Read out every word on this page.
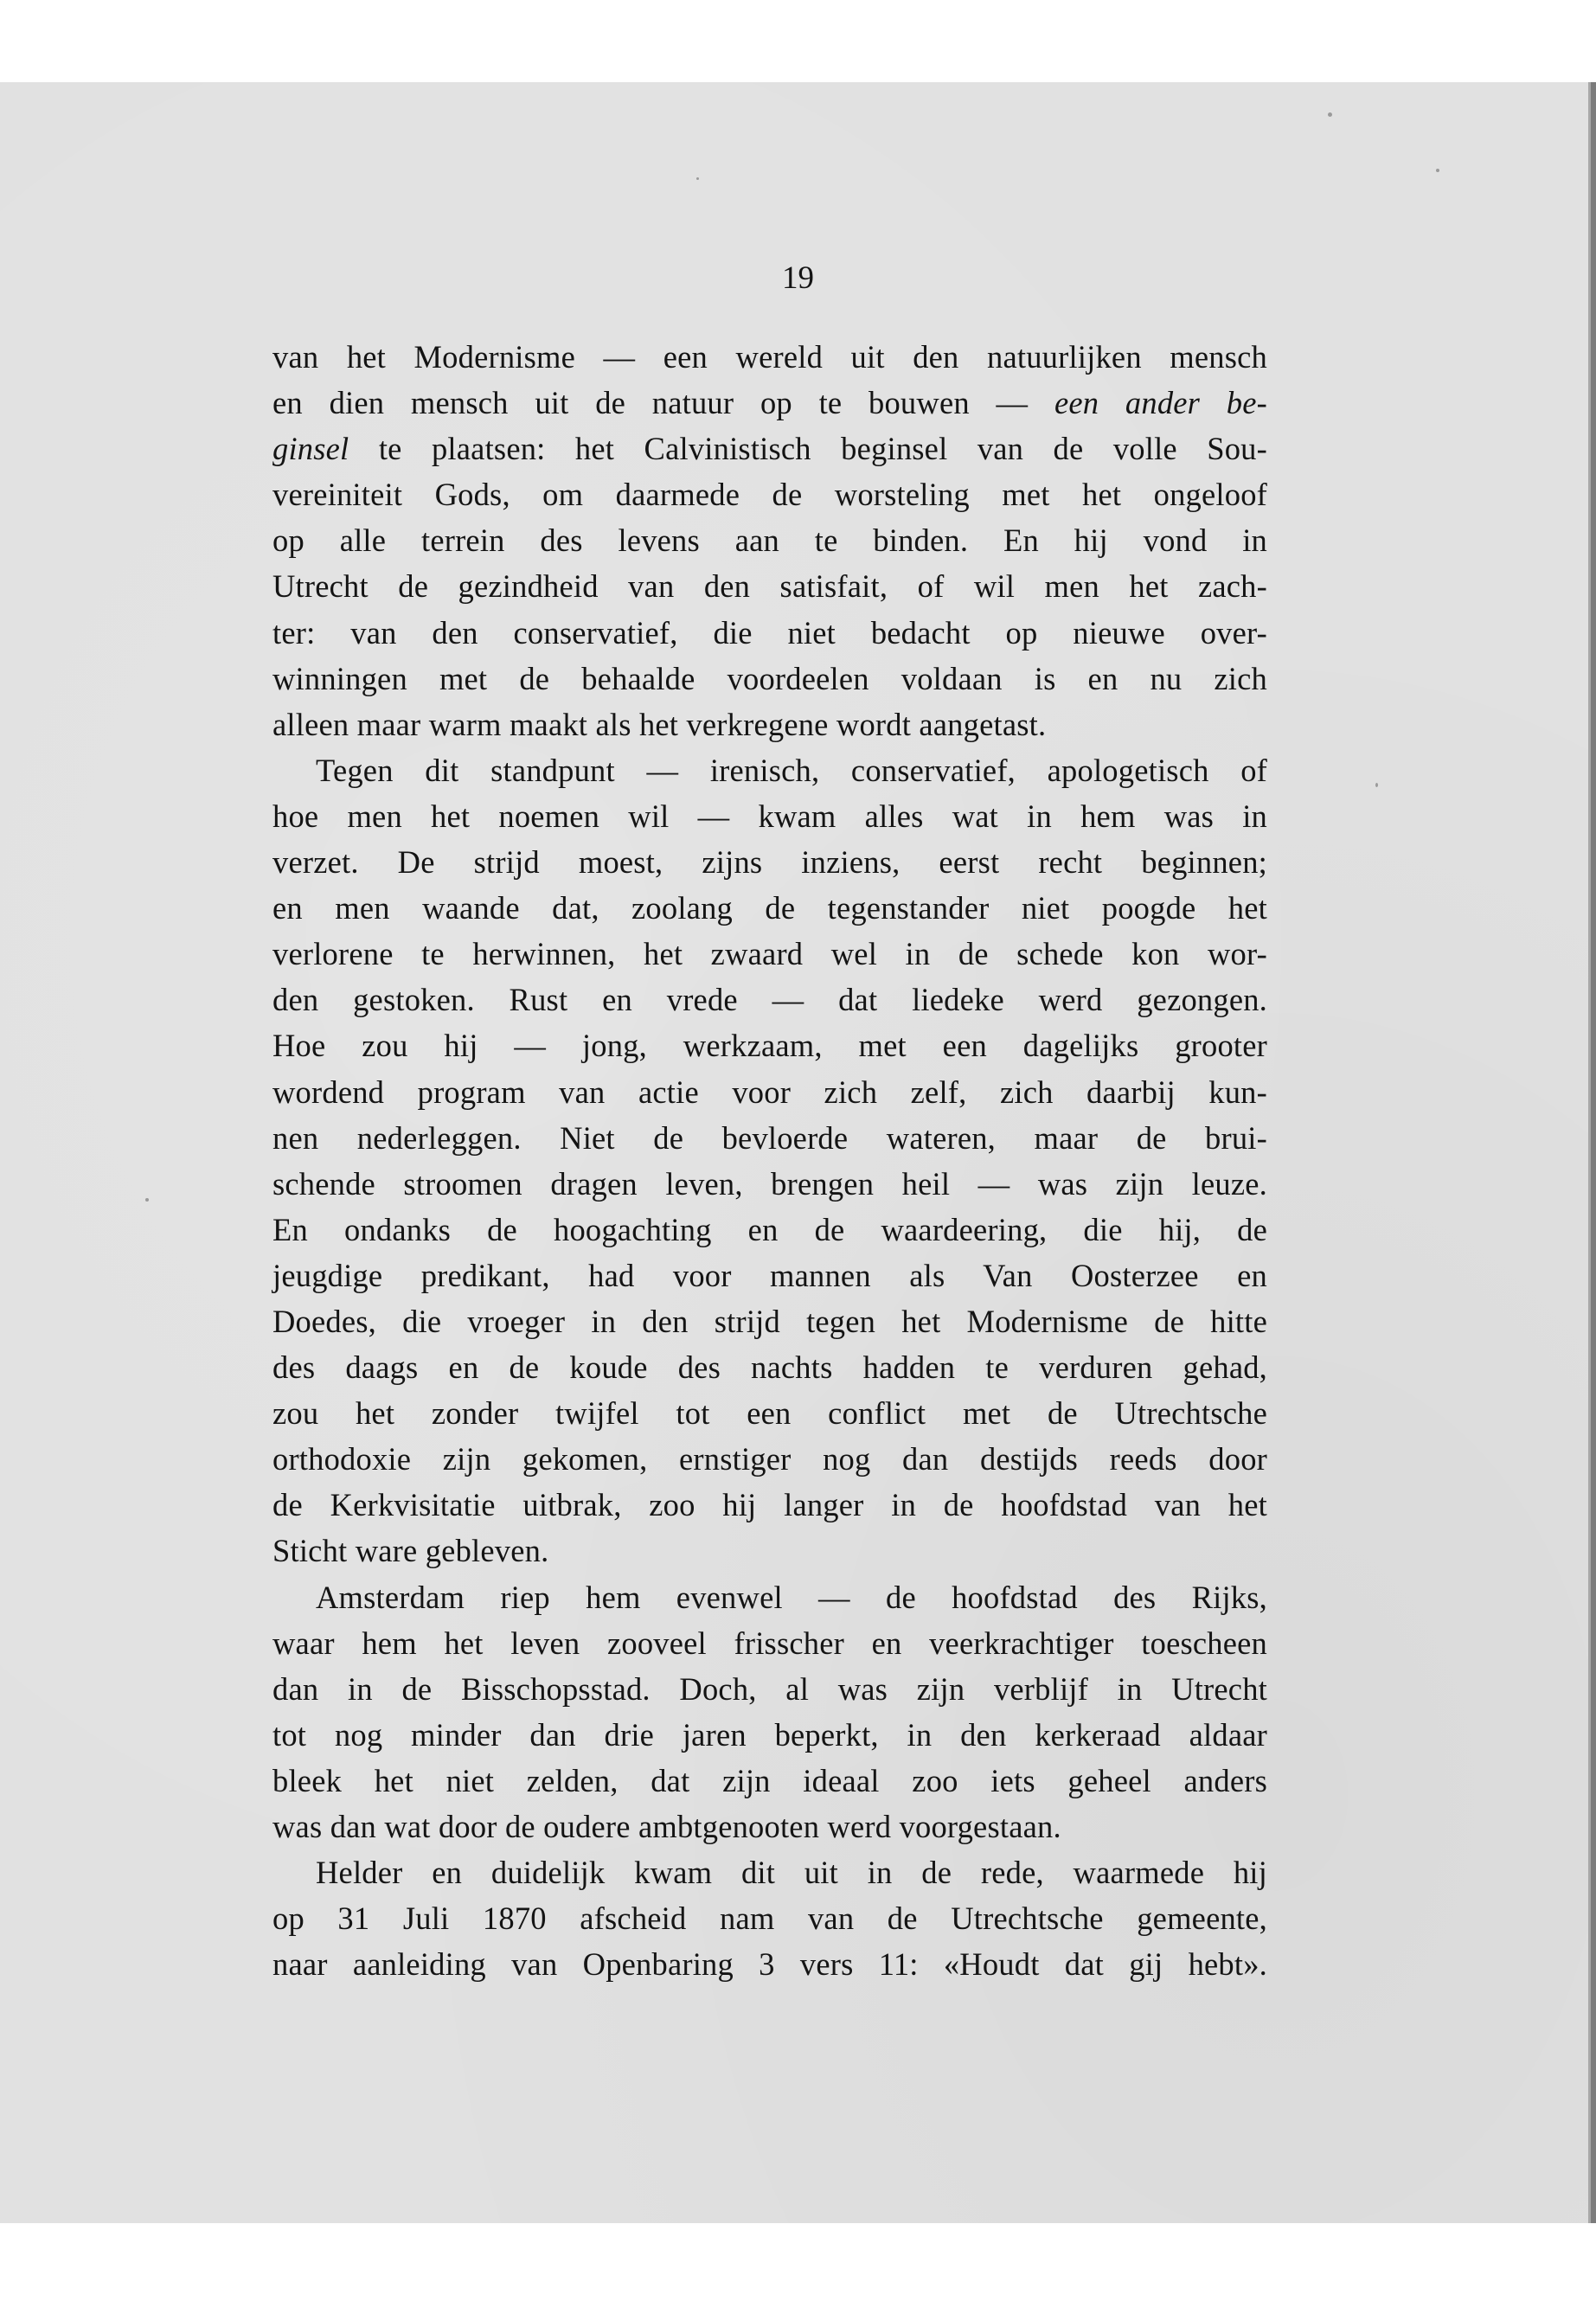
19
van het Modernisme — een wereld uit den natuurlijken mensch
en dien mensch uit de natuur op te bouwen — een ander be-
ginsel te plaatsen: het Calvinistisch beginsel van de volle Sou-
vereiniteit Gods, om daarmede de worsteling met het ongeloof
op alle terrein des levens aan te binden. En hij vond in
Utrecht de gezindheid van den satisfait, of wil men het zach-
ter: van den conservatief, die niet bedacht op nieuwe over-
winningen met de behaalde voordeelen voldaan is en nu zich
alleen maar warm maakt als het verkregene wordt aangetast.
Tegen dit standpunt — irenisch, conservatief, apologetisch of
hoe men het noemen wil — kwam alles wat in hem was in
verzet. De strijd moest, zijns inziens, eerst recht beginnen;
en men waande dat, zoolang de tegenstander niet poogde het
verlorene te herwinnen, het zwaard wel in de schede kon wor-
den gestoken. Rust en vrede — dat liedeke werd gezongen.
Hoe zou hij — jong, werkzaam, met een dagelijks grooter
wordend program van actie voor zich zelf, zich daarbij kun-
nen nederleggen. Niet de bevloerde wateren, maar de brui-
schende stroomen dragen leven, brengen heil — was zijn leuze.
En ondanks de hoogachting en de waardeering, die hij, de
jeugdige predikant, had voor mannen als Van Oosterzee en
Doedes, die vroeger in den strijd tegen het Modernisme de hitte
des daags en de koude des nachts hadden te verduren gehad,
zou het zonder twijfel tot een conflict met de Utrechtsche
orthodoxie zijn gekomen, ernstiger nog dan destijds reeds door
de Kerkvisitatie uitbrak, zoo hij langer in de hoofdstad van het
Sticht ware gebleven.
Amsterdam riep hem evenwel — de hoofdstad des Rijks,
waar hem het leven zooveel frisscher en veerkrachtiger toescheen
dan in de Bisschopsstad. Doch, al was zijn verblijf in Utrecht
tot nog minder dan drie jaren beperkt, in den kerkeraad aldaar
bleek het niet zelden, dat zijn ideaal zoo iets geheel anders
was dan wat door de oudere ambtgenooten werd voorgestaan.
Helder en duidelijk kwam dit uit in de rede, waarmede hij
op 31 Juli 1870 afscheid nam van de Utrechtsche gemeente,
naar aanleiding van Openbaring 3 vers 11: «Houdt dat gij hebt».
